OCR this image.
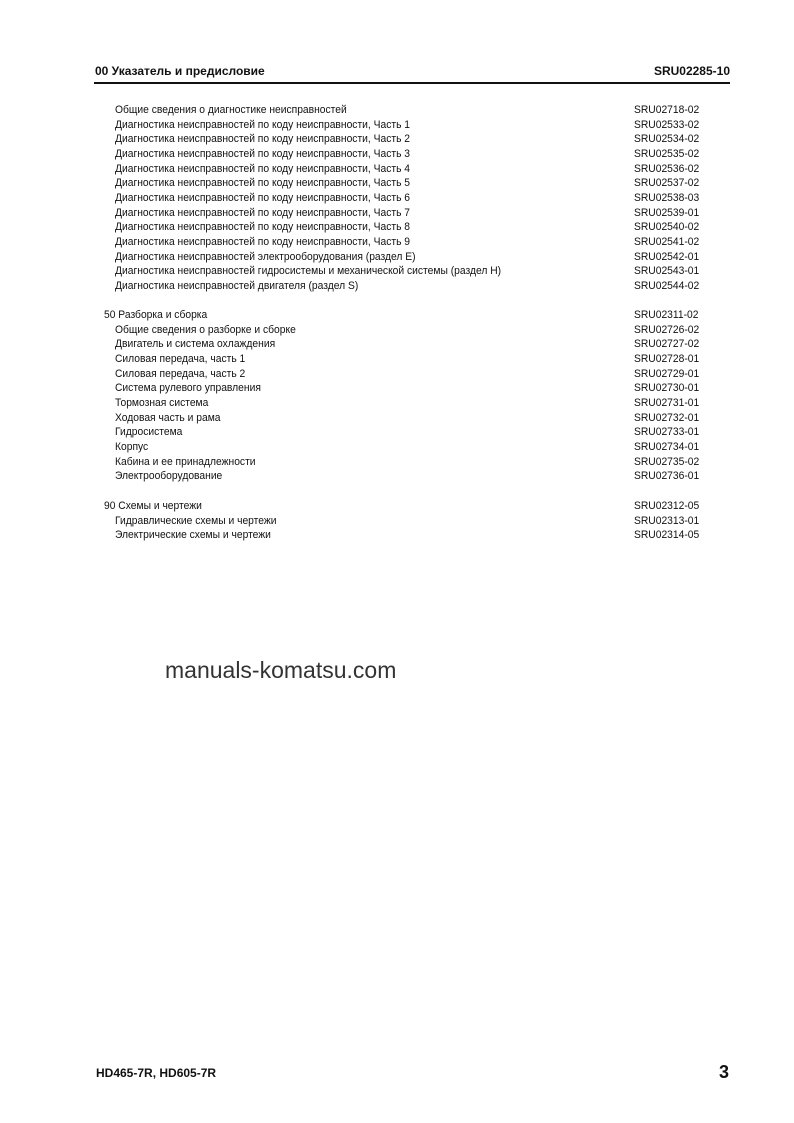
00 Указатель и предисловие	SRU02285-10
Общие сведения о диагностике неисправностей	SRU02718-02
Диагностика неисправностей по коду неисправности, Часть 1	SRU02533-02
Диагностика неисправностей по коду неисправности, Часть 2	SRU02534-02
Диагностика неисправностей по коду неисправности, Часть 3	SRU02535-02
Диагностика неисправностей по коду неисправности, Часть 4	SRU02536-02
Диагностика неисправностей по коду неисправности, Часть 5	SRU02537-02
Диагностика неисправностей по коду неисправности, Часть 6	SRU02538-03
Диагностика неисправностей по коду неисправности, Часть 7	SRU02539-01
Диагностика неисправностей по коду неисправности, Часть 8	SRU02540-02
Диагностика неисправностей по коду неисправности, Часть 9	SRU02541-02
Диагностика неисправностей электрооборудования (раздел E)	SRU02542-01
Диагностика неисправностей гидросистемы и механической системы (раздел H)	SRU02543-01
Диагностика неисправностей двигателя (раздел S)	SRU02544-02
50 Разборка и сборка	SRU02311-02
Общие сведения о разборке и сборке	SRU02726-02
Двигатель и система охлаждения	SRU02727-02
Силовая передача, часть 1	SRU02728-01
Силовая передача, часть 2	SRU02729-01
Система рулевого управления	SRU02730-01
Тормозная система	SRU02731-01
Ходовая часть и рама	SRU02732-01
Гидросистема	SRU02733-01
Корпус	SRU02734-01
Кабина и ее принадлежности	SRU02735-02
Электрооборудование	SRU02736-01
90 Схемы и чертежи	SRU02312-05
Гидравлические схемы и чертежи	SRU02313-01
Электрические схемы и чертежи	SRU02314-05
manuals-komatsu.com
HD465-7R, HD605-7R	3
